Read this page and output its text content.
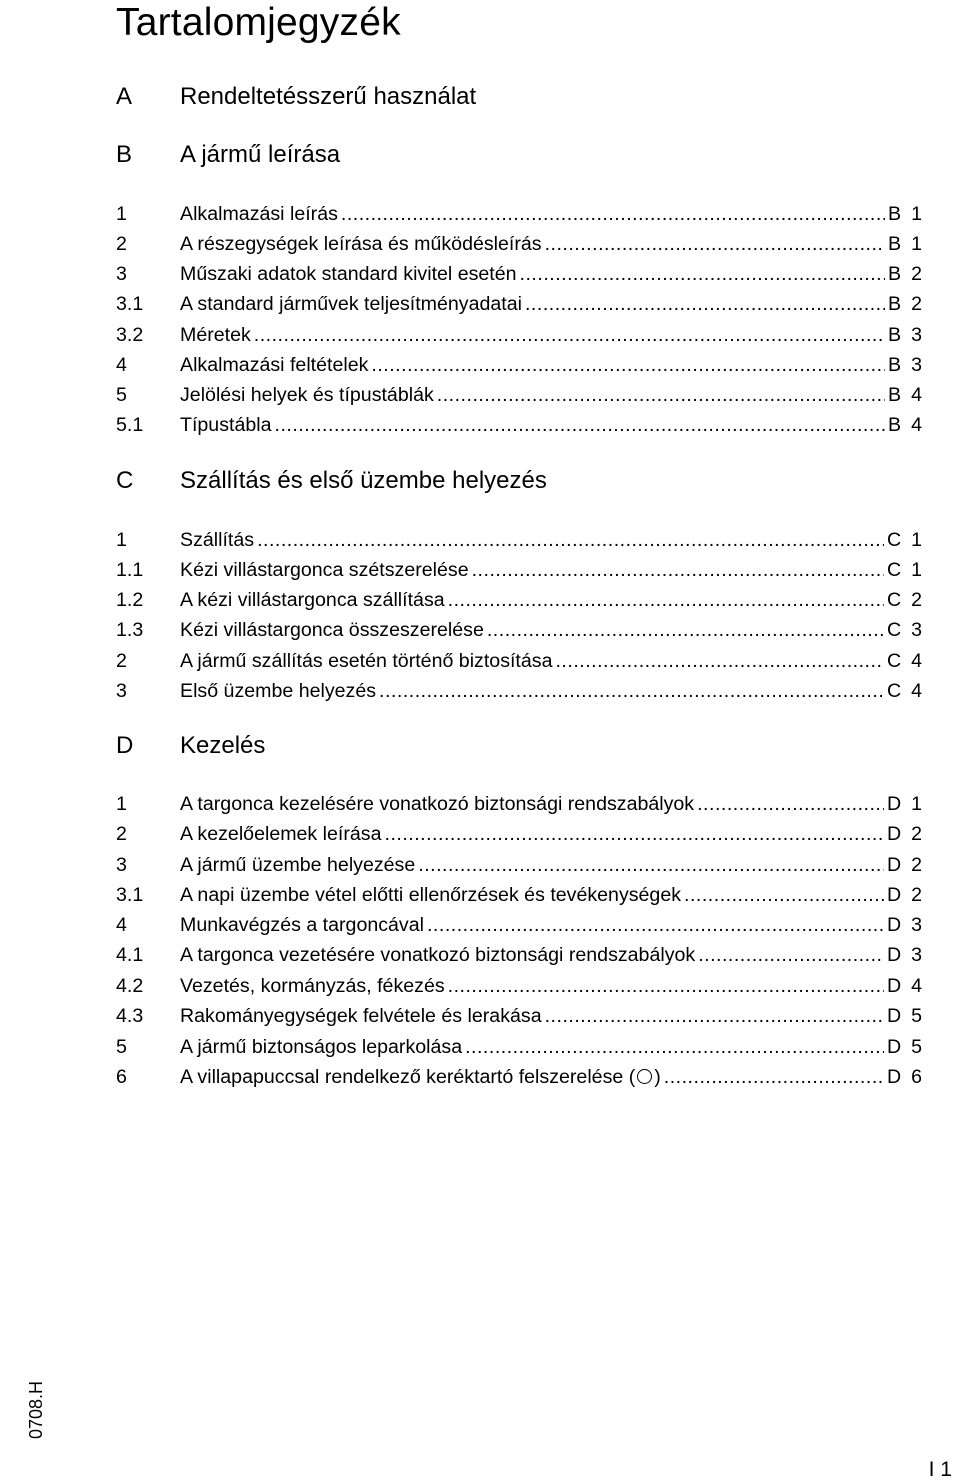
Tartalomjegyzék
A Rendeltetésszerű használat
B A jármű leírása
1	Alkalmazási leírás .....	B 1
2	A részegységek leírása és működésleírás .....	B 1
3	Műszaki adatok standard kivitel esetén .....	B 2
3.1 A standard járművek teljesítményadatai .....	B 2
3.2 Méretek .....	B 3
4	Alkalmazási feltételek .....	B 3
5	Jelölési helyek és típustáblák .....	B 4
5.1 Típustábla .....	B 4
C Szállítás és első üzembe helyezés
1	Szállítás .....	C 1
1.1 Kézi villástargonca szétszerelése .....	C 1
1.2 A kézi villástargonca szállítása .....	C 2
1.3 Kézi villástargonca összeszerelése .....	C 3
2	A jármű szállítás esetén történő biztosítása .....	C 4
3	Első üzembe helyezés .....	C 4
D Kezelés
1	A targonca kezelésére vonatkozó biztonsági rendszabályok .....	D 1
2	A kezelőelemek leírása .....	D 2
3	A jármű üzembe helyezése .....	D 2
3.1 A napi üzembe vétel előtti ellenőrzések és tevékenységek .....	D 2
4	Munkavégzés a targoncával .....	D 3
4.1 A targonca vezetésére vonatkozó biztonsági rendszabályok .....	D 3
4.2 Vezetés, kormányzás, fékezés .....	D 4
4.3 Rakományegységek felvétele és lerakása .....	D 5
5	A jármű biztonságos leparkolása .....	D 5
6	A villapapuccsal rendelkező keréktartó felszerelése ( ) .....	D 6
0708.H
I 1
